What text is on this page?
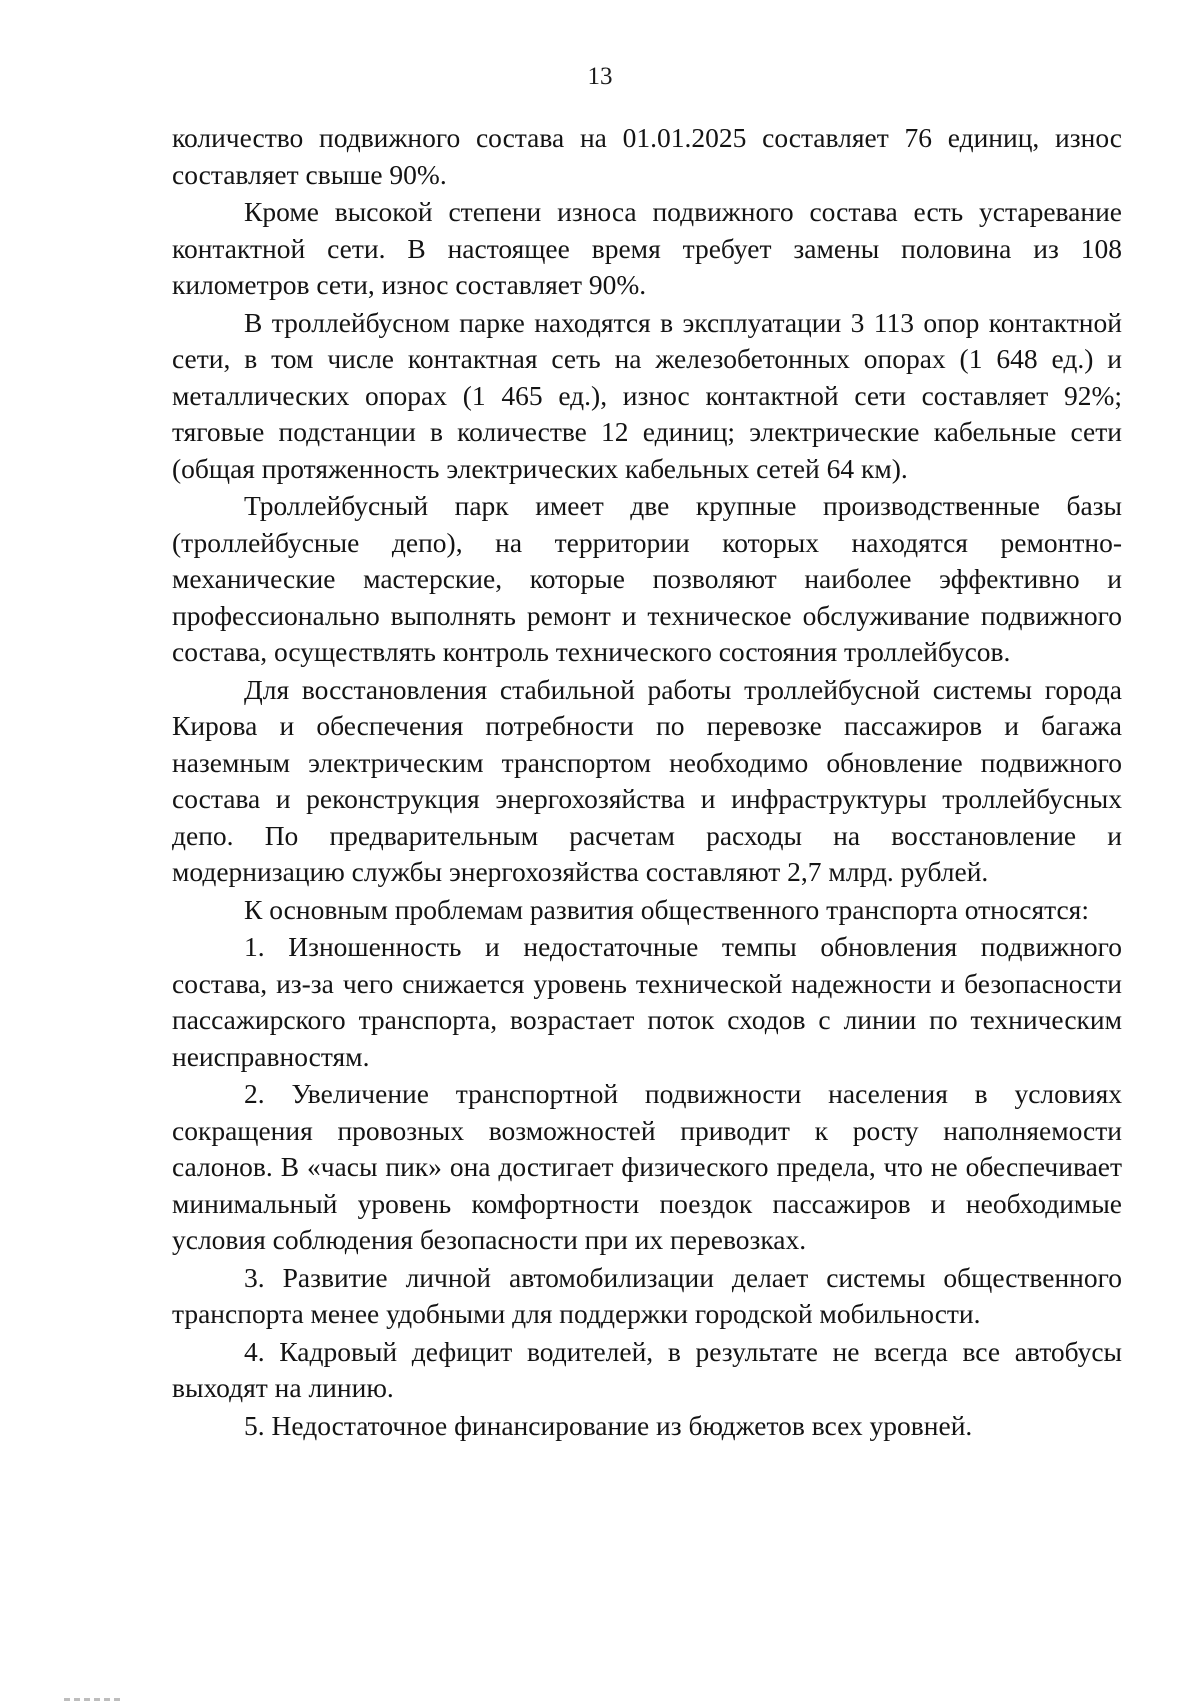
13

количество подвижного состава на 01.01.2025 составляет 76 единиц, износ составляет свыше 90%.

Кроме высокой степени износа подвижного состава есть устаревание контактной сети. В настоящее время требует замены половина из 108 километров сети, износ составляет 90%.

В троллейбусном парке находятся в эксплуатации 3 113 опор контактной сети, в том числе контактная сеть на железобетонных опорах (1 648 ед.) и металлических опорах (1 465 ед.), износ контактной сети составляет 92%; тяговые подстанции в количестве 12 единиц; электрические кабельные сети (общая протяженность электрических кабельных сетей 64 км).

Троллейбусный парк имеет две крупные производственные базы (троллейбусные депо), на территории которых находятся ремонтно-механические мастерские, которые позволяют наиболее эффективно и профессионально выполнять ремонт и техническое обслуживание подвижного состава, осуществлять контроль технического состояния троллейбусов.

Для восстановления стабильной работы троллейбусной системы города Кирова и обеспечения потребности по перевозке пассажиров и багажа наземным электрическим транспортом необходимо обновление подвижного состава и реконструкция энергохозяйства и инфраструктуры троллейбусных депо. По предварительным расчетам расходы на восстановление и модернизацию службы энергохозяйства составляют 2,7 млрд. рублей.

К основным проблемам развития общественного транспорта относятся:

1. Изношенность и недостаточные темпы обновления подвижного состава, из-за чего снижается уровень технической надежности и безопасности пассажирского транспорта, возрастает поток сходов с линии по техническим неисправностям.

2. Увеличение транспортной подвижности населения в условиях сокращения провозных возможностей приводит к росту наполняемости салонов. В «часы пик» она достигает физического предела, что не обеспечивает минимальный уровень комфортности поездок пассажиров и необходимые условия соблюдения безопасности при их перевозках.

3. Развитие личной автомобилизации делает системы общественного транспорта менее удобными для поддержки городской мобильности.

4. Кадровый дефицит водителей, в результате не всегда все автобусы выходят на линию.

5. Недостаточное финансирование из бюджетов всех уровней.
